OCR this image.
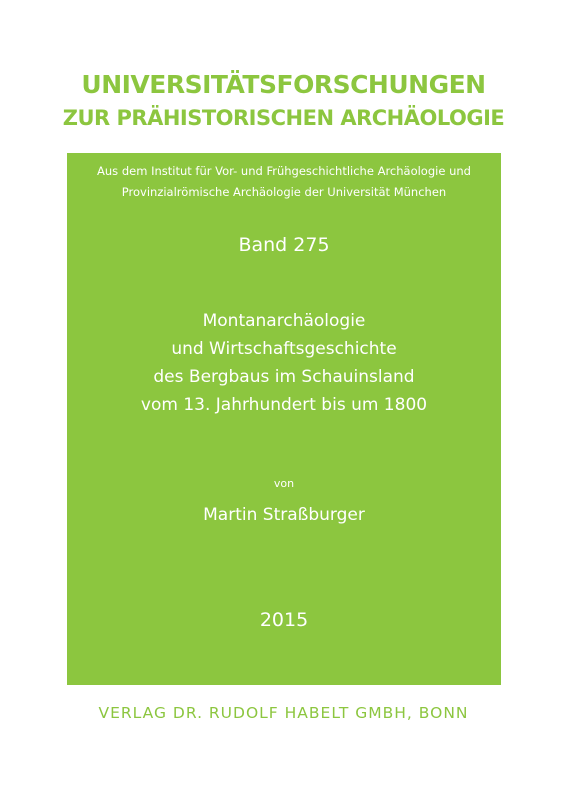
UNIVERSITÄTSFORSCHUNGEN
ZUR PRÄHISTORISCHEN ARCHÄOLOGIE

Aus dem Institut für Vor- und Frühgeschichtliche Archäologie und
Provinzialrömische Archäologie der Universität München

Band 275

Montanarchäologie
und Wirtschaftsgeschichte
des Bergbaus im Schauinsland
vom 13. Jahrhundert bis um 1800

von

Martin Straßburger

2015

VERLAG DR. RUDOLF HABELT GMBH, BONN
